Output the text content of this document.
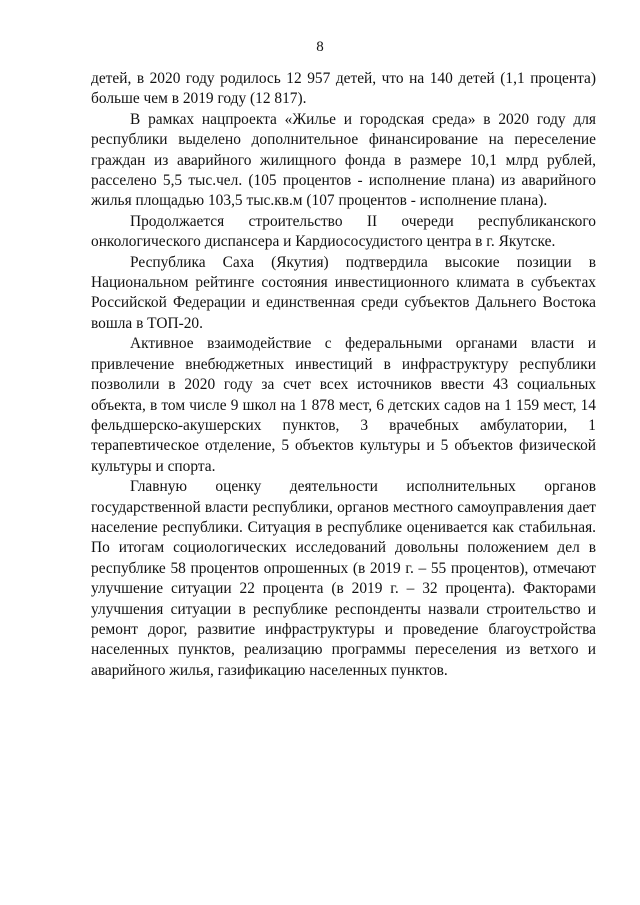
8

детей, в 2020 году родилось 12 957 детей, что на 140 детей (1,1 процента) больше чем в 2019 году (12 817).

В рамках нацпроекта «Жилье и городская среда» в 2020 году для республики выделено дополнительное финансирование на переселение граждан из аварийного жилищного фонда в размере 10,1 млрд рублей, расселено 5,5 тыс.чел. (105 процентов - исполнение плана) из аварийного жилья площадью 103,5 тыс.кв.м (107 процентов - исполнение плана).

Продолжается строительство II очереди республиканского онкологического диспансера и Кардиососудистого центра в г. Якутске.

Республика Саха (Якутия) подтвердила высокие позиции в Национальном рейтинге состояния инвестиционного климата в субъектах Российской Федерации и единственная среди субъектов Дальнего Востока вошла в ТОП-20.

Активное взаимодействие с федеральными органами власти и привлечение внебюджетных инвестиций в инфраструктуру республики позволили в 2020 году за счет всех источников ввести 43 социальных объекта, в том числе 9 школ на 1 878 мест, 6 детских садов на 1 159 мест, 14 фельдшерско-акушерских пунктов, 3 врачебных амбулатории, 1 терапевтическое отделение, 5 объектов культуры и 5 объектов физической культуры и спорта.

Главную оценку деятельности исполнительных органов государственной власти республики, органов местного самоуправления дает население республики. Ситуация в республике оценивается как стабильная. По итогам социологических исследований довольны положением дел в республике 58 процентов опрошенных (в 2019 г. – 55 процентов), отмечают улучшение ситуации 22 процента (в 2019 г. – 32 процента). Факторами улучшения ситуации в республике респонденты назвали строительство и ремонт дорог, развитие инфраструктуры и проведение благоустройства населенных пунктов, реализацию программы переселения из ветхого и аварийного жилья, газификацию населенных пунктов.
